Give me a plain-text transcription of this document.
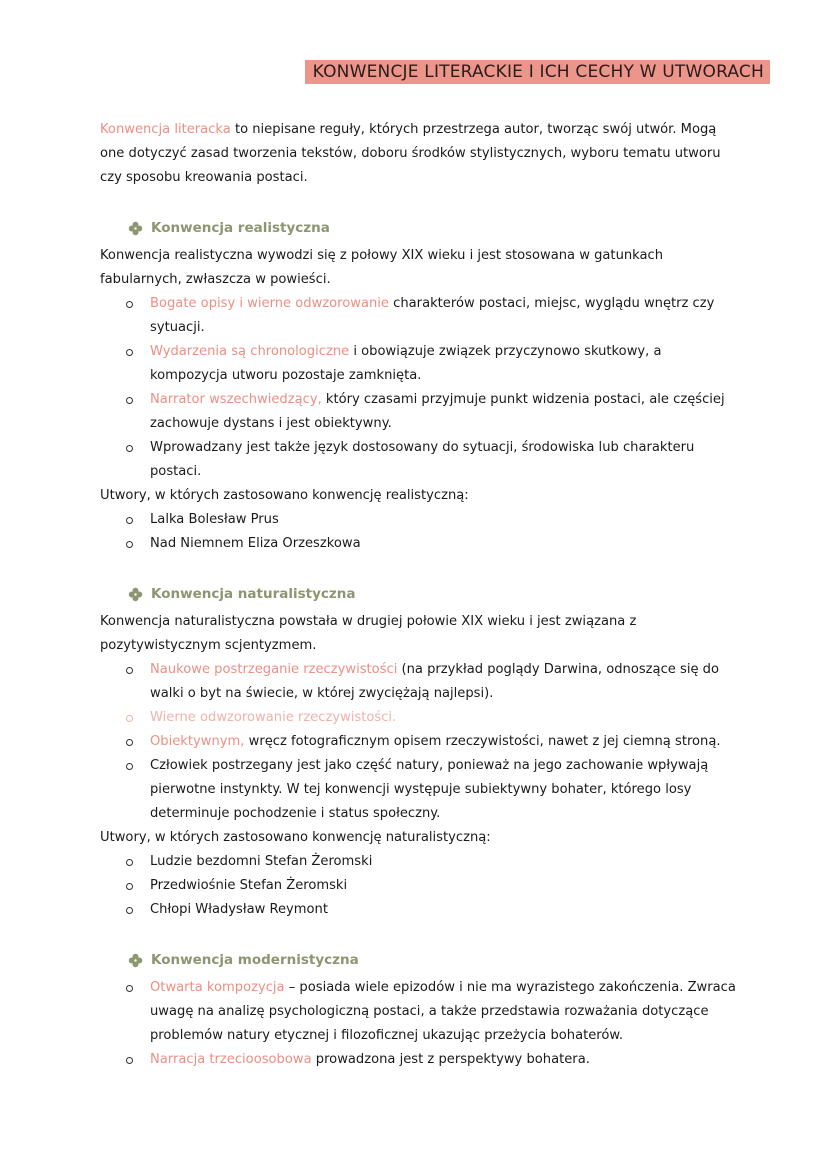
KONWENCJE LITERACKIE I ICH CECHY W UTWORACH

Konwencja literacka to niepisane reguły, których przestrzega autor, tworząc swój utwór. Mogą one dotyczyć zasad tworzenia tekstów, doboru środków stylistycznych, wyboru tematu utworu czy sposobu kreowania postaci.

Konwencja realistyczna

Konwencja realistyczna wywodzi się z połowy XIX wieku i jest stosowana w gatunkach fabularnych, zwłaszcza w powieści.

Bogate opisy i wierne odwzorowanie charakterów postaci, miejsc, wyglądu wnętrz czy sytuacji.
Wydarzenia są chronologiczne i obowiązuje związek przyczynowo skutkowy, a kompozycja utworu pozostaje zamknięta.
Narrator wszechwiedzący, który czasami przyjmuje punkt widzenia postaci, ale częściej zachowuje dystans i jest obiektywny.
Wprowadzany jest także język dostosowany do sytuacji, środowiska lub charakteru postaci.

Utwory, w których zastosowano konwencję realistyczną:

Lalka Bolesław Prus
Nad Niemnem Eliza Orzeszkowa
Konwencja naturalistyczna

Konwencja naturalistyczna powstała w drugiej połowie XIX wieku i jest związana z pozytywistycznym scjentyzmem.

Naukowe postrzeganie rzeczywistości (na przykład poglądy Darwina, odnoszące się do walki o byt na świecie, w której zwyciężają najlepsi).
Wierne odwzorowanie rzeczywistości.
Obiektywnym, wręcz fotograficznym opisem rzeczywistości, nawet z jej ciemną stroną.
Człowiek postrzegany jest jako część natury, ponieważ na jego zachowanie wpływają pierwotne instynkty. W tej konwencji występuje subiektywny bohater, którego losy determinuje pochodzenie i status społeczny.

Utwory, w których zastosowano konwencję naturalistyczną:

Ludzie bezdomni Stefan Żeromski
Przedwiośnie Stefan Żeromski
Chłopi Władysław Reymont
Konwencja modernistyczna
Otwarta kompozycja – posiada wiele epizodów i nie ma wyrazistego zakończenia. Zwraca uwagę na analizę psychologiczną postaci, a także przedstawia rozważania dotyczące problemów natury etycznej i filozoficznej ukazując przeżycia bohaterów.
Narracja trzecioosobowa prowadzona jest z perspektywy bohatera.
